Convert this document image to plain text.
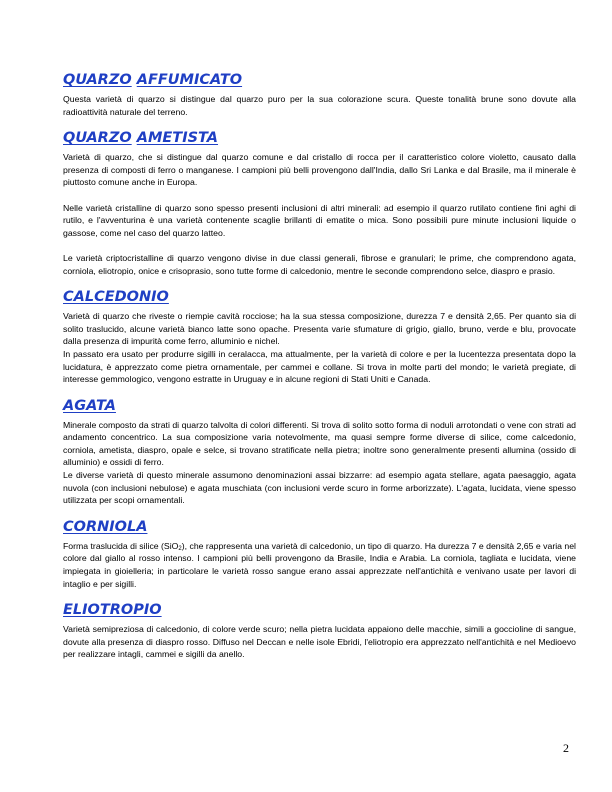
QUARZO AFFUMICATO

Questa varietà di quarzo si distingue dal quarzo puro per la sua colorazione scura. Queste tonalità brune sono dovute alla radioattività naturale del terreno.

QUARZO AMETISTA

Varietà di quarzo, che si distingue dal quarzo comune e dal cristallo di rocca per il caratteristico colore violetto, causato dalla presenza di composti di ferro o manganese. I campioni più belli provengono dall'India, dallo Sri Lanka e dal Brasile, ma il minerale è piuttosto comune anche in Europa.

Nelle varietà cristalline di quarzo sono spesso presenti inclusioni di altri minerali: ad esempio il quarzo rutilato contiene fini aghi di rutilo, e l'avventurina è una varietà contenente scaglie brillanti di ematite o mica. Sono possibili pure minute inclusioni liquide o gassose, come nel caso del quarzo latteo.

Le varietà criptocristalline di quarzo vengono divise in due classi generali, fibrose e granulari; le prime, che comprendono agata, corniola, eliotropio, onice e crisoprasio, sono tutte forme di calcedonio, mentre le seconde comprendono selce, diaspro e prasio.

CALCEDONIO

Varietà di quarzo che riveste o riempie cavità rocciose; ha la sua stessa composizione, durezza 7 e densità 2,65. Per quanto sia di solito traslucido, alcune varietà bianco latte sono opache. Presenta varie sfumature di grigio, giallo, bruno, verde e blu, provocate dalla presenza di impurità come ferro, alluminio e nichel.

In passato era usato per produrre sigilli in ceralacca, ma attualmente, per la varietà di colore e per la lucentezza presentata dopo la lucidatura, è apprezzato come pietra ornamentale, per cammei e collane. Si trova in molte parti del mondo; le varietà pregiate, di interesse gemmologico, vengono estratte in Uruguay e in alcune regioni di Stati Uniti e Canada.

AGATA

Minerale composto da strati di quarzo talvolta di colori differenti. Si trova di solito sotto forma di noduli arrotondati o vene con strati ad andamento concentrico. La sua composizione varia notevolmente, ma quasi sempre forme diverse di silice, come calcedonio, corniola, ametista, diaspro, opale e selce, si trovano stratificate nella pietra; inoltre sono generalmente presenti allumina (ossido di alluminio) e ossidi di ferro.

Le diverse varietà di questo minerale assumono denominazioni assai bizzarre: ad esempio agata stellare, agata paesaggio, agata nuvola (con inclusioni nebulose) e agata muschiata (con inclusioni verde scuro in forme arborizzate). L'agata, lucidata, viene spesso utilizzata per scopi ornamentali.

CORNIOLA

Forma traslucida di silice (SiO$_2$), che rappresenta una varietà di calcedonio, un tipo di quarzo. Ha durezza 7 e densità 2,65 e varia nel colore dal giallo al rosso intenso. I campioni più belli provengono da Brasile, India e Arabia. La corniola, tagliata e lucidata, viene impiegata in gioielleria; in particolare le varietà rosso sangue erano assai apprezzate nell'antichità e venivano usate per lavori di intaglio e per sigilli.

ELIOTROPIO

Varietà semipreziosa di calcedonio, di colore verde scuro; nella pietra lucidata appaiono delle macchie, simili a goccioline di sangue, dovute alla presenza di diaspro rosso. Diffuso nel Deccan e nelle isole Ebridi, l'eliotropio era apprezzato nell'antichità e nel Medioevo per realizzare intagli, cammei e sigilli da anello.

2
